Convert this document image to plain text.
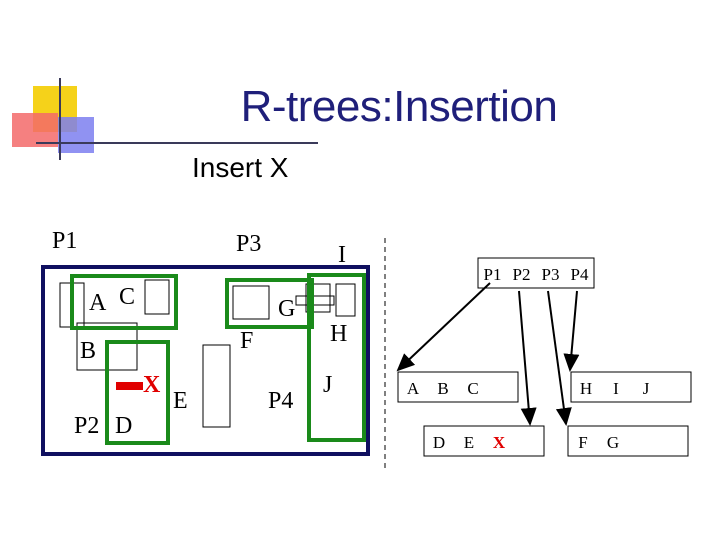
R-trees:Insertion
Insert X
P1	P3	I
A C	G
B	F	H
X
E	P4
J
P2 D
P1 P2 P3 P4
A B C
D E X
H I J
F G
